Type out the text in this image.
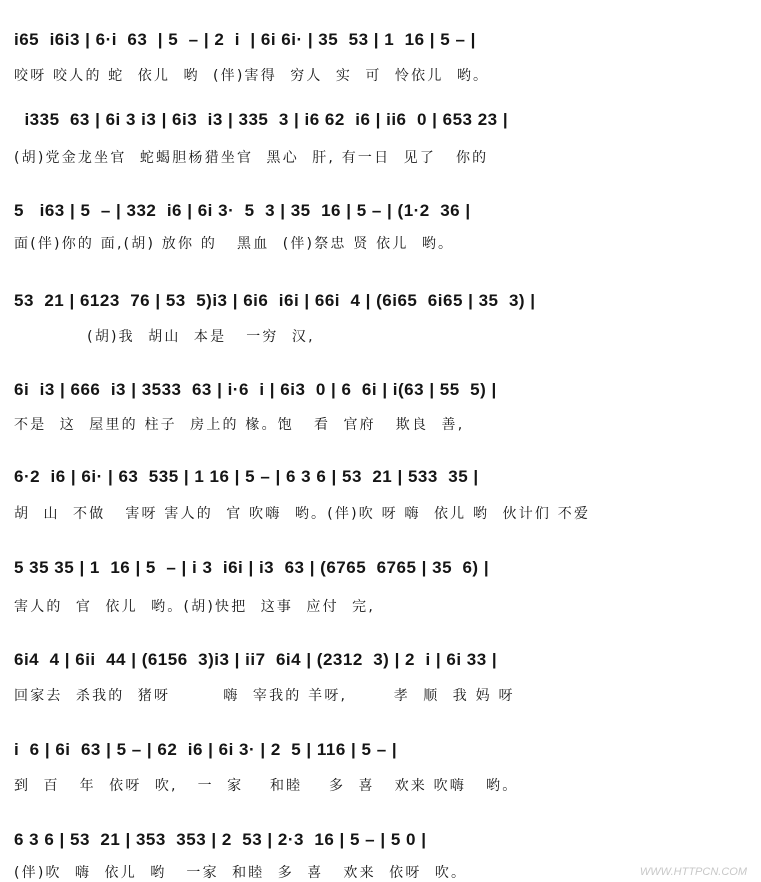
i65  i6i3 | 6·i  63  | 5  – | 2  i  | 6i 6i· | 35  53 | 1  16 | 5 – |
咬呀 咬人的 蛇  依儿  哟  (伴)害得  穷人  实  可  怜依儿  哟。
i335  63 | 6i 3 i3 | 6i3  i3 | 335  3 | i6 62  i6 | ii6  0 | 653 23 |
(胡)党金龙坐官  蛇蝎胆杨猎坐官  黑心  肝, 有一日  见了   你的
5   i63 | 5  – | 332  i6 | 6i 3·  5  3 | 35  16 | 5 – | (1·2  36 |
面(伴)你的 面,(胡) 放你 的   黑血  (伴)祭忠 贤 依儿  哟。
53  21 | 6123  76 | 53  5)i3 | 6i6  i6i | 66i  4 | (6i65  6i65 | 35  3) |
(胡)我  胡山  本是   一穷  汉,
6i  i3 | 666  i3 | 3533  63 | i·6  i | 6i3  0 | 6  6i | i(63 | 55  5) |
不是  这  屋里的 柱子  房上的 椽。饱   看  官府   欺良  善,
6·2  i6 | 6i· | 63  535 | 1 16 | 5 – | 6 3 6 | 53  21 | 533  35 |
胡  山  不做   害呀 害人的  官 吹嗨  哟。(伴)吹 呀 嗨  依儿 哟  伙计们 不爱
5 35 35 | 1  16 | 5  – | i 3  i6i | i3  63 | (6765  6765 | 35  6) |
害人的  官  依儿  哟。(胡)快把  这事  应付  完,
6i4  4 | 6ii  44 | (6156  3)i3 | ii7  6i4 | (2312  3) | 2  i | 6i 33 |
回家去  杀我的  猪呀        嗨  宰我的 羊呀,       孝  顺  我 妈 呀
i  6 | 6i  63 | 5 – | 62  i6 | 6i 3· | 2  5 | 116 | 5 – |
到  百   年  依呀  吹,   一  家    和睦    多  喜   欢来 吹嗨   哟。
6 3 6 | 53  21 | 353  353 | 2  53 | 2·3  16 | 5 – | 5 0 |
(伴)吹  嗨  依儿  哟   一家  和睦  多  喜   欢来  依呀  吹。	WWW.HTTPCN.COM
